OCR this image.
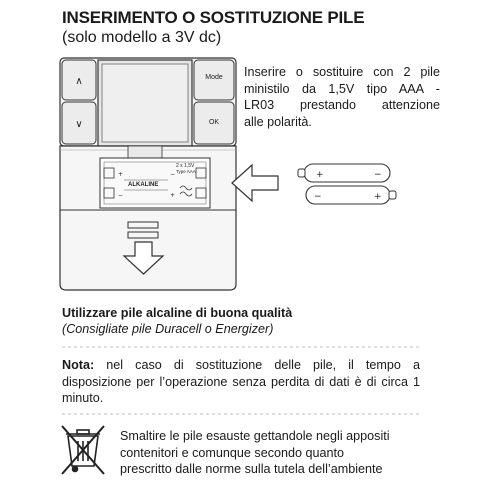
INSERIMENTO O SOSTITUZIONE PILE
(solo modello a 3V dc)
∧
∨
Mode
OK
+
−
−
+
2 x 1,5V
Type AAA
ALKALINE
+	−
−	+
Inserire o sostituire con 2 pile
ministilo da 1,5V tipo AAA -
LR03 prestando attenzione
alle polarità.
Utilizzare pile alcaline di buona qualità
(Consigliate pile Duracell o Energizer)
Nota: nel caso di sostituzione delle pile, il tempo a
disposizione per l’operazione senza perdita di dati è di circa 1
minuto.
Smaltire le pile esauste gettandole negli appositi
contenitori e comunque secondo quanto
prescritto dalle norme sulla tutela dell’ambiente
